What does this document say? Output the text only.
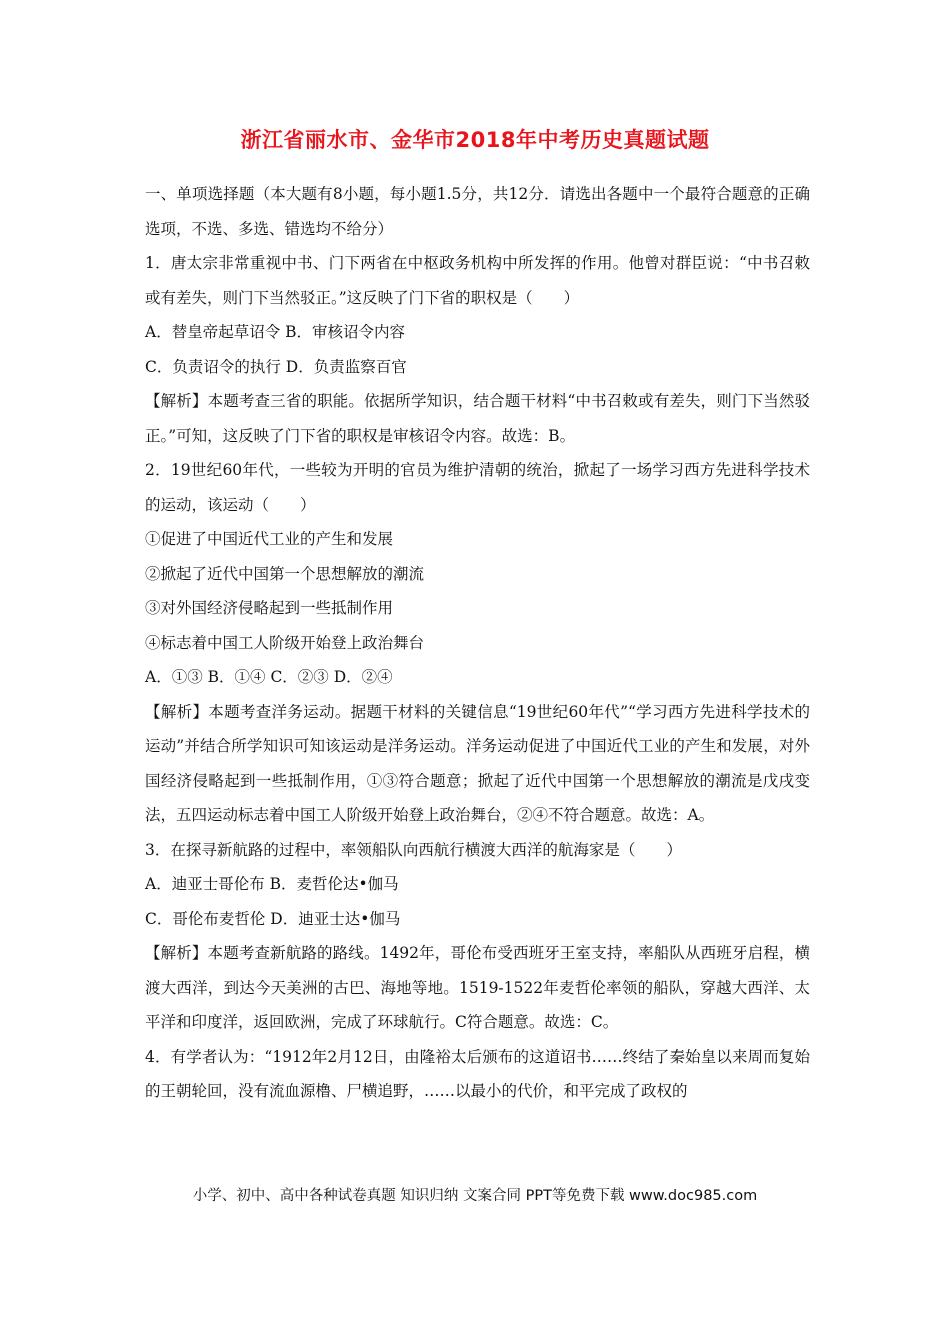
浙江省丽水市、金华市2018年中考历史真题试题

一、单项选择题（本大题有8小题，每小题1.5分，共12分．请选出各题中一个最符合题意的正确选项，不选、多选、错选均不给分）

1．唐太宗非常重视中书、门下两省在中枢政务机构中所发挥的作用。他曾对群臣说：“中书召敕或有差失，则门下当然驳正。”这反映了门下省的职权是（　　）

A．替皇帝起草诏令 B．审核诏令内容

C．负责诏令的执行 D．负责监察百官

【解析】本题考查三省的职能。依据所学知识，结合题干材料“中书召敕或有差失，则门下当然驳正。”可知，这反映了门下省的职权是审核诏令内容。故选：B。

2．19世纪60年代，一些较为开明的官员为维护清朝的统治，掀起了一场学习西方先进科学技术的运动，该运动（　　）

①促进了中国近代工业的产生和发展

②掀起了近代中国第一个思想解放的潮流

③对外国经济侵略起到一些抵制作用

④标志着中国工人阶级开始登上政治舞台

A．①③ B．①④ C．②③ D．②④

【解析】本题考查洋务运动。据题干材料的关键信息“19世纪60年代”“学习西方先进科学技术的运动”并结合所学知识可知该运动是洋务运动。洋务运动促进了中国近代工业的产生和发展，对外国经济侵略起到一些抵制作用，①③符合题意；掀起了近代中国第一个思想解放的潮流是戊戌变法，五四运动标志着中国工人阶级开始登上政治舞台，②④不符合题意。故选：A。

3．在探寻新航路的过程中，率领船队向西航行横渡大西洋的航海家是（　　）

A．迪亚士哥伦布 B．麦哲伦达•伽马

C．哥伦布麦哲伦 D．迪亚士达•伽马

【解析】本题考查新航路的路线。1492年，哥伦布受西班牙王室支持，率船队从西班牙启程，横渡大西洋，到达今天美洲的古巴、海地等地。1519-1522年麦哲伦率领的船队，穿越大西洋、太平洋和印度洋，返回欧洲，完成了环球航行。C符合题意。故选：C。

4．有学者认为：“1912年2月12日，由隆裕太后颁布的这道诏书……终结了秦始皇以来周而复始的王朝轮回，没有流血源橹、尸横追野，……以最小的代价，和平完成了政权的

小学、初中、高中各种试卷真题 知识归纳 文案合同 PPT等免费下载 www.doc985.com
